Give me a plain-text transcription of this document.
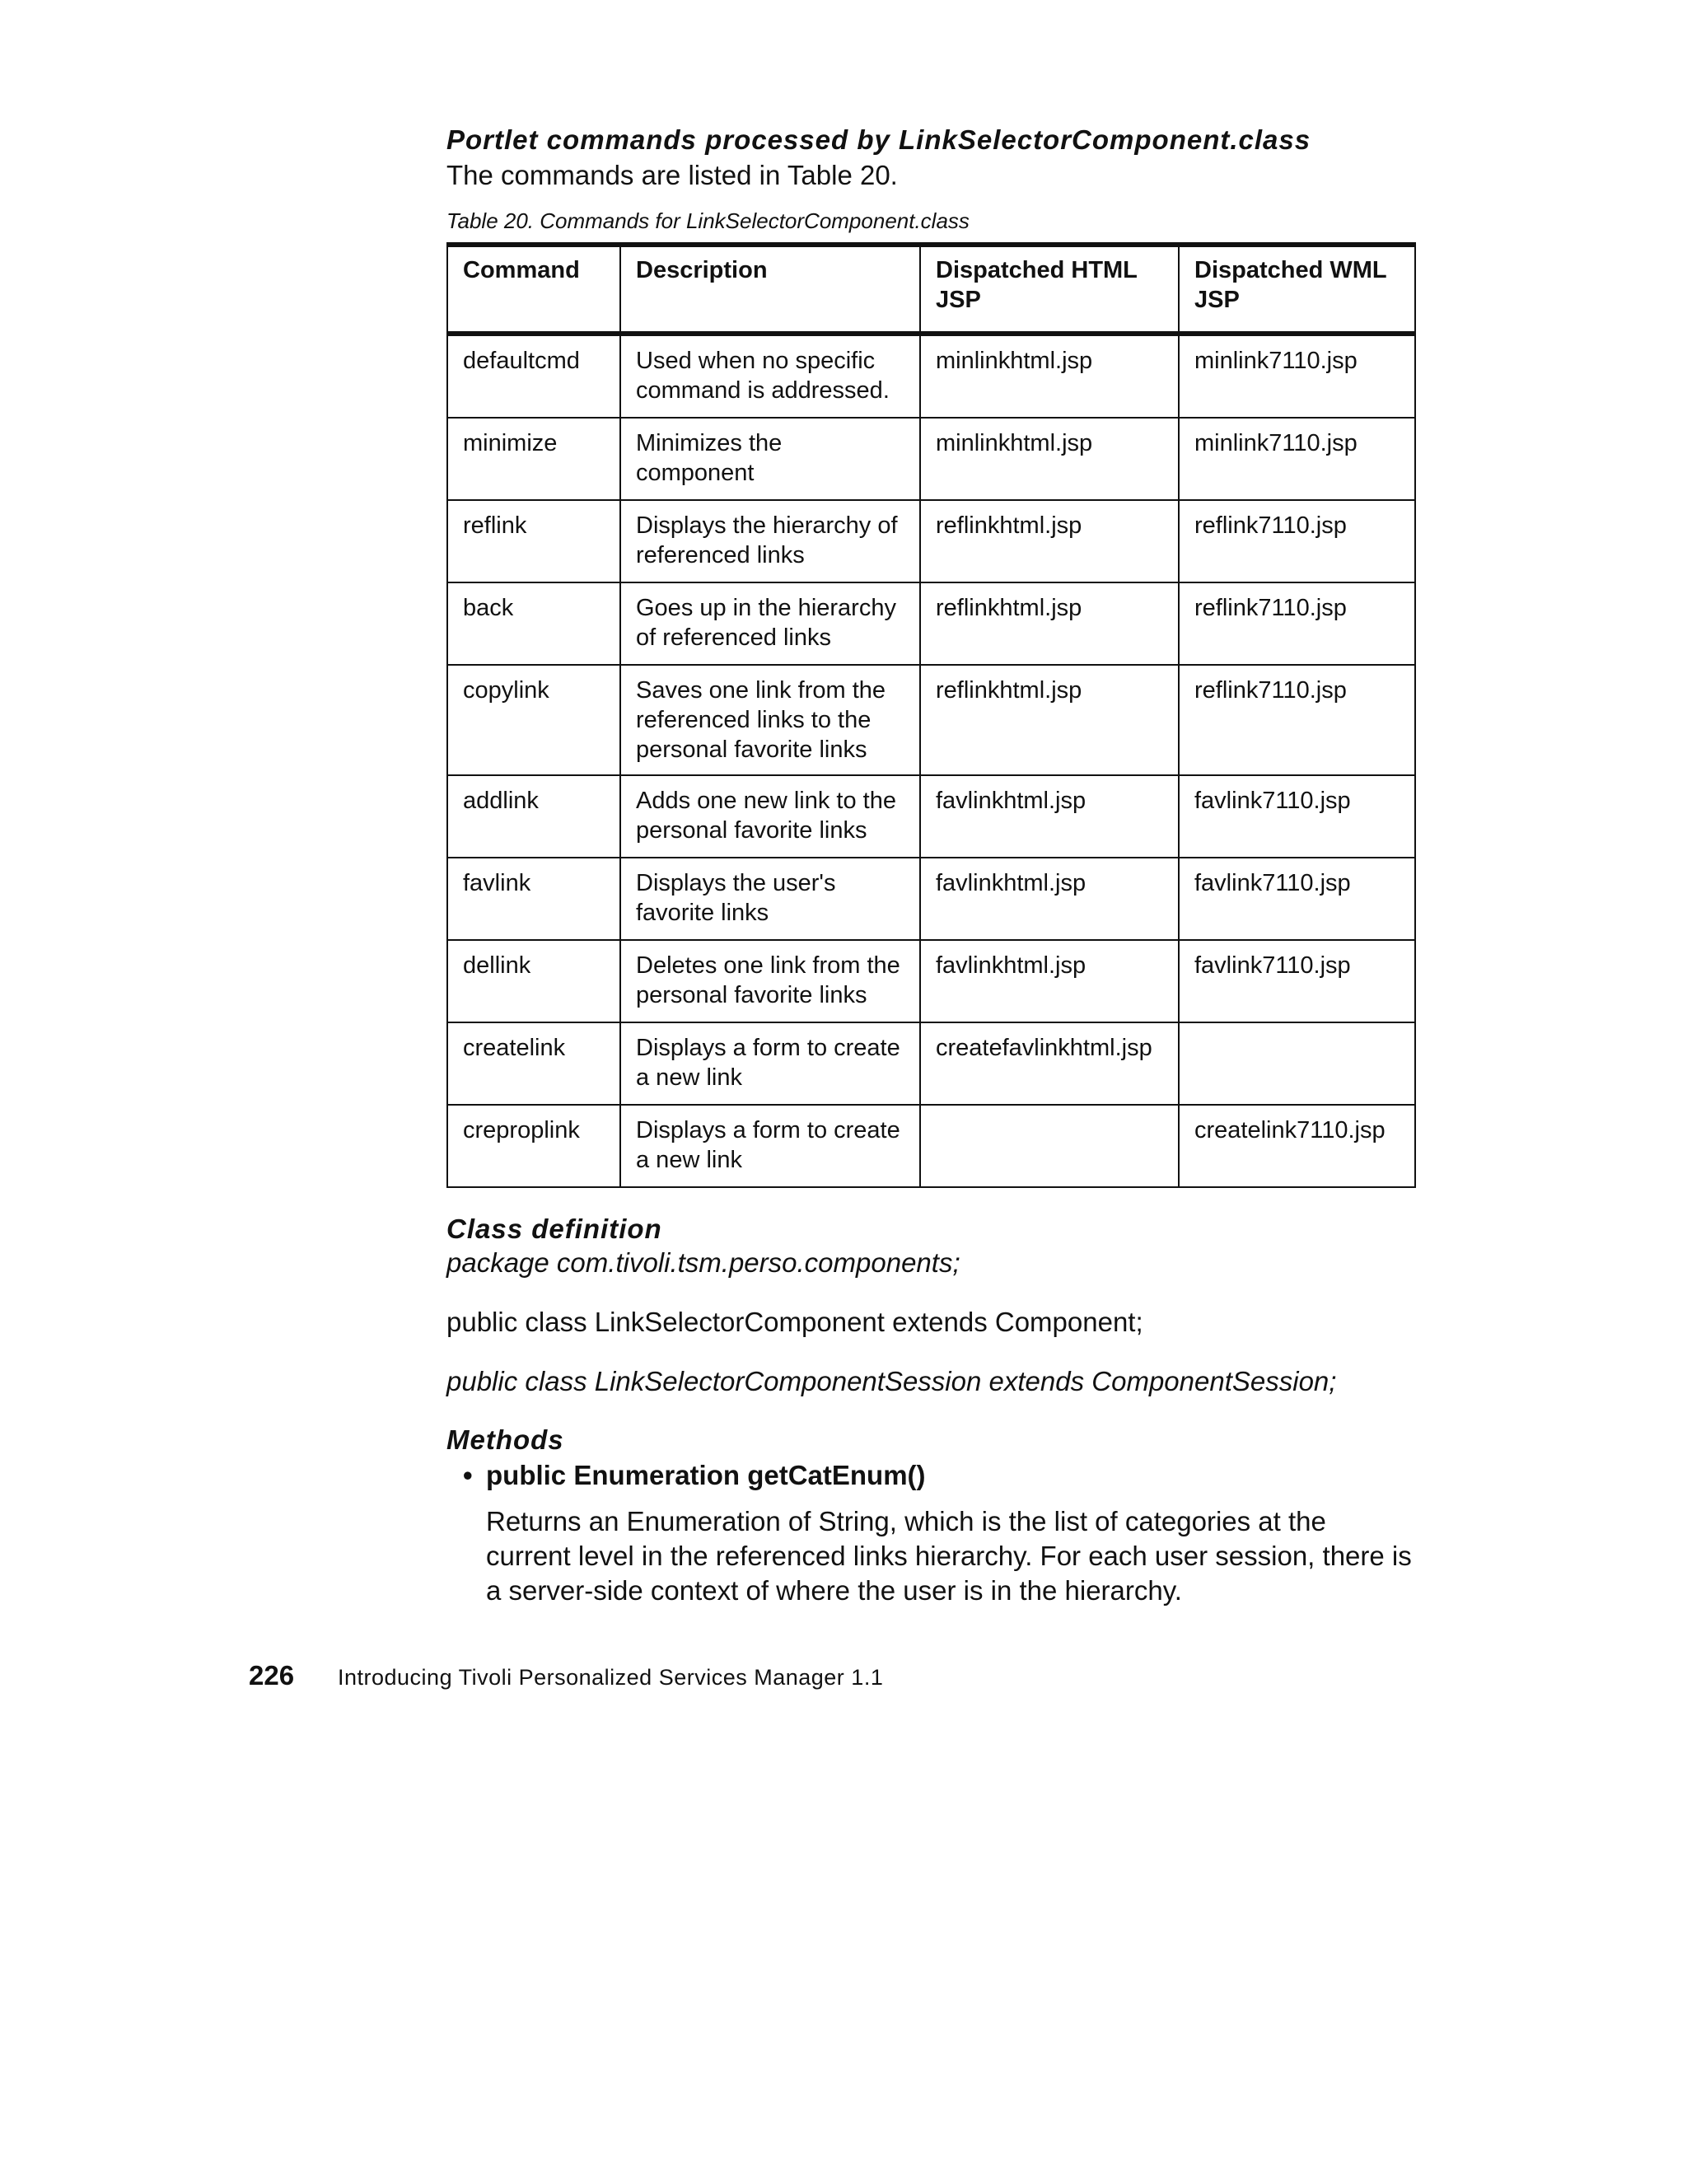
Portlet commands processed by LinkSelectorComponent.class

The commands are listed in Table 20.

Table 20. Commands for LinkSelectorComponent.class
Command	Description	Dispatched HTML JSP	Dispatched WML JSP
defaultcmd	Used when no specific command is addressed.	minlinkhtml.jsp	minlink7110.jsp
minimize	Minimizes the component	minlinkhtml.jsp	minlink7110.jsp
reflink	Displays the hierarchy of referenced links	reflinkhtml.jsp	reflink7110.jsp
back	Goes up in the hierarchy of referenced links	reflinkhtml.jsp	reflink7110.jsp
copylink	Saves one link from the referenced links to the personal favorite links	reflinkhtml.jsp	reflink7110.jsp
addlink	Adds one new link to the personal favorite links	favlinkhtml.jsp	favlink7110.jsp
favlink	Displays the user's favorite links	favlinkhtml.jsp	favlink7110.jsp
dellink	Deletes one link from the personal favorite links	favlinkhtml.jsp	favlink7110.jsp
createlink	Displays a form to create a new link	createfavlinkhtml.jsp	
creproplink	Displays a form to create a new link		createlink7110.jsp
Class definition

package com.tivoli.tsm.perso.components;

public class LinkSelectorComponent extends Component;

public class LinkSelectorComponentSession extends ComponentSession;

Methods
• public Enumeration getCatEnum()

Returns an Enumeration of String, which is the list of categories at the current level in the referenced links hierarchy. For each user session, there is a server-side context of where the user is in the hierarchy.

226	Introducing Tivoli Personalized Services Manager 1.1
